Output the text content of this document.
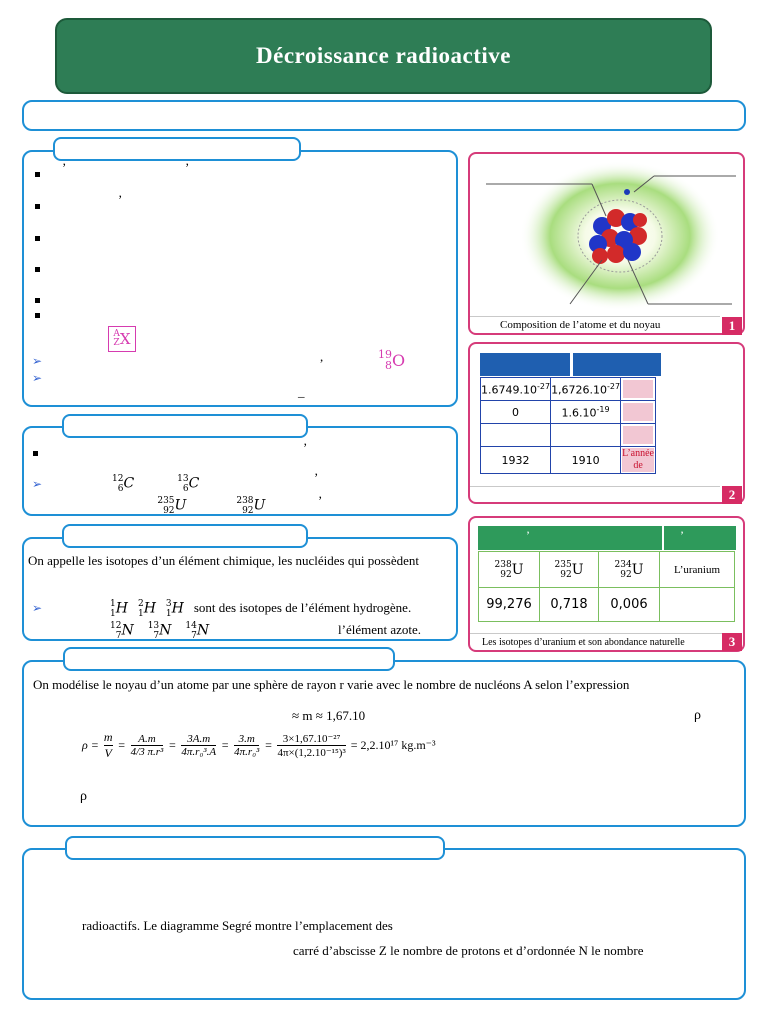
Décroissance radioactive
’	’
’
A
Z X
➢	,	19
8 O
➢
_
’
➢	12
6 C	13
6 C	’
235
92 U	238
92 U	’
On appelle les isotopes d’un élément chimique, les nucléides qui possèdent
➢	1
1 H 2
1 H 3
1 H sont des isotopes de l’élément hydrogène.
12
7 N 13
7 N 14
7 N	l’élément azote.
Composition de l’atome et du noyau	1
$1.6749.10^{-27}$	$1,6726.10^{-27}$	

0	$1.6.10^{-19}$	

1932	1910	L’année de
2
’	’
238
92 U	235
92 U	234
92 U	L’uranium
99,276	0,718	0,006	
Les isotopes d’uranium et son abondance naturelle	3
On modélise le noyau d’un atome par une sphère de rayon r varie avec le nombre de nucléons A selon l’expression
≈ m ≈ 1,67.10	ρ
$\rho = \frac{m}{V} = \frac{A.m}{\text{4/3 π.r³}} = \frac{3A.m}{\text{4π.r₀³.A}} = \frac{3.m}{\text{4π.r₀³}} = \frac{\text{3×1,67.10⁻²⁷}}{\text{4π×(1,2.10⁻¹⁵)³}} = 2,2.10^{17}$ kg.m⁻³
ρ
radioactifs. Le diagramme Segré montre l’emplacement des
carré d’abscisse Z le nombre de protons et d’ordonnée N le nombre
